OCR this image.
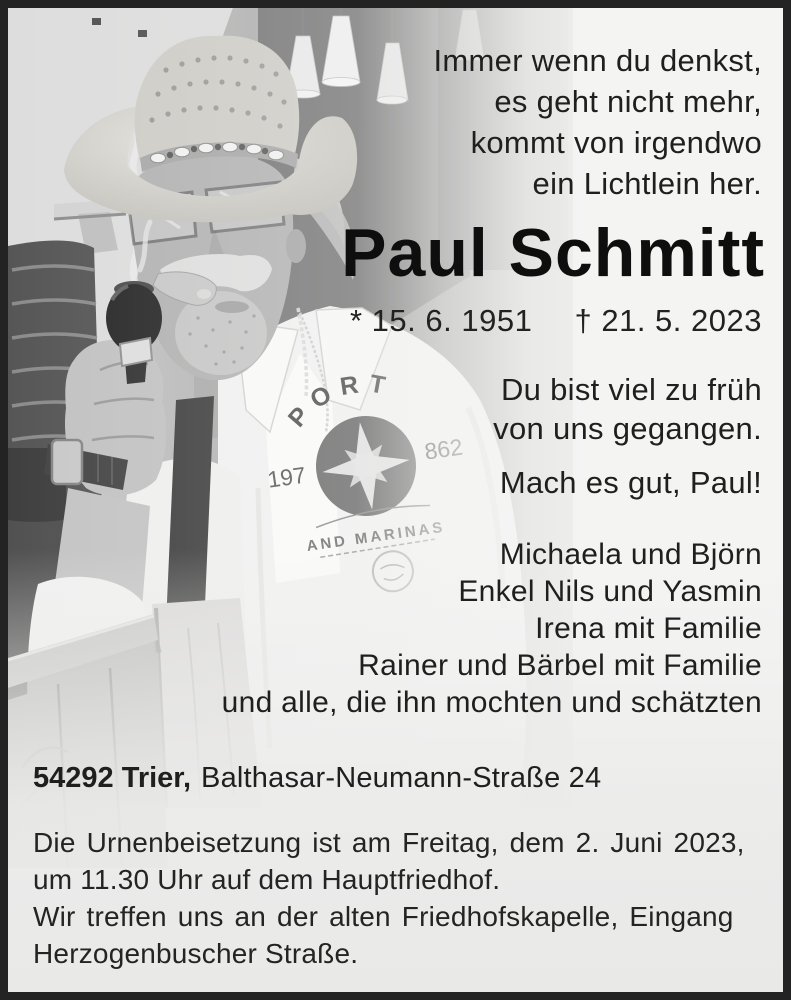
Immer wenn du denkst,
es geht nicht mehr,
kommt von irgendwo
ein Lichtlein her.
Paul Schmitt
* 15. 6. 1951 † 21. 5. 2023
Du bist viel zu früh
von uns gegangen.
Mach es gut, Paul!
Michaela und Björn
Enkel Nils und Yasmin
Irena mit Familie
Rainer und Bärbel mit Familie
und alle, die ihn mochten und schätzten
54292 Trier, Balthasar-Neumann-Straße 24
Die Urnenbeisetzung ist am Freitag, dem 2. Juni 2023,
um 11.30 Uhr auf dem Hauptfriedhof.
Wir treffen uns an der alten Friedhofskapelle, Eingang
Herzogenbuscher Straße.
